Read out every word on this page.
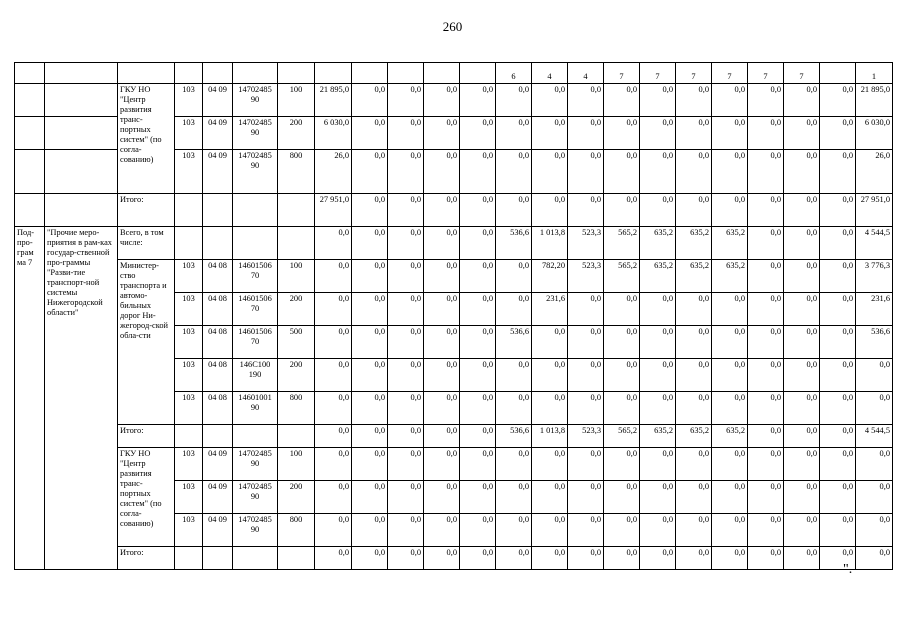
260
												6	4	4	7	7	7	7	7	7		1
		ГКУ НО "Центр развития транс-портных систем" (по согла-сованию)	103	04 09	14702485 90	100	21 895,0	0,0	0,0	0,0	0,0	0,0	0,0	0,0	0,0	0,0	0,0	0,0	0,0	0,0	0,0	21 895,0
			103	04 09	14702485 90	200	6 030,0	0,0	0,0	0,0	0,0	0,0	0,0	0,0	0,0	0,0	0,0	0,0	0,0	0,0	0,0	6 030,0
			103	04 09	14702485 90	800	26,0	0,0	0,0	0,0	0,0	0,0	0,0	0,0	0,0	0,0	0,0	0,0	0,0	0,0	0,0	26,0
		Итого:					27 951,0	0,0	0,0	0,0	0,0	0,0	0,0	0,0	0,0	0,0	0,0	0,0	0,0	0,0	0,0	27 951,0
Под-про-грам ма 7	"Прочие меро-приятия в рам-ках государ-ственной про-граммы "Разви-тие транспорт-ной системы Нижегородской области"	Всего, в том числе:					0,0	0,0	0,0	0,0	0,0	536,6	1 013,8	523,3	565,2	635,2	635,2	635,2	0,0	0,0	0,0	4 544,5
		Министер-ство транспорта и автомо-бильных дорог Ни-жегород-ской обла-сти	103	04 08	14601506 70	100	0,0	0,0	0,0	0,0	0,0	0,0	782,20	523,3	565,2	635,2	635,2	635,2	0,0	0,0	0,0	3 776,3
			103	04 08	14601506 70	200	0,0	0,0	0,0	0,0	0,0	0,0	231,6	0,0	0,0	0,0	0,0	0,0	0,0	0,0	0,0	231,6
			103	04 08	14601506 70	500	0,0	0,0	0,0	0,0	0,0	536,6	0,0	0,0	0,0	0,0	0,0	0,0	0,0	0,0	0,0	536,6
			103	04 08	146С100 190	200	0,0	0,0	0,0	0,0	0,0	0,0	0,0	0,0	0,0	0,0	0,0	0,0	0,0	0,0	0,0	0,0
			103	04 08	14601001 90	800	0,0	0,0	0,0	0,0	0,0	0,0	0,0	0,0	0,0	0,0	0,0	0,0	0,0	0,0	0,0	0,0
		Итого:					0,0	0,0	0,0	0,0	0,0	536,6	1 013,8	523,3	565,2	635,2	635,2	635,2	0,0	0,0	0,0	4 544,5
		ГКУ НО "Центр развития транс-портных систем" (по согла-сованию)	103	04 09	14702485 90	100	0,0	0,0	0,0	0,0	0,0	0,0	0,0	0,0	0,0	0,0	0,0	0,0	0,0	0,0	0,0	0,0
			103	04 09	14702485 90	200	0,0	0,0	0,0	0,0	0,0	0,0	0,0	0,0	0,0	0,0	0,0	0,0	0,0	0,0	0,0	0,0
			103	04 09	14702485 90	800	0,0	0,0	0,0	0,0	0,0	0,0	0,0	0,0	0,0	0,0	0,0	0,0	0,0	0,0	0,0	0,0
		Итого:					0,0	0,0	0,0	0,0	0,0	0,0	0,0	0,0	0,0	0,0	0,0	0,0	0,0	0,0	0,0	0,0
".
